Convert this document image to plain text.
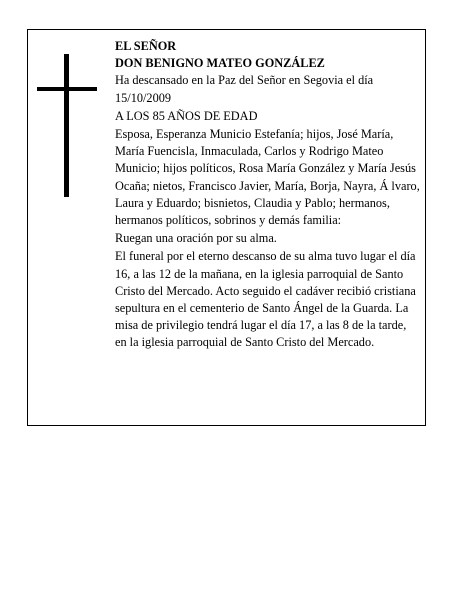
EL SEÑOR

DON BENIGNO MATEO GONZÁLEZ

Ha descansado en la Paz del Señor en Segovia el día 15/10/2009

A LOS 85 AÑOS DE EDAD

Esposa, Esperanza Municio Estefanía; hijos, José María, María Fuencisla, Inmaculada, Carlos y Rodrigo Mateo Municio; hijos políticos, Rosa María González y María Jesús Ocaña; nietos, Francisco Javier, María, Borja, Nayra, Á lvaro, Laura y Eduardo; bisnietos, Claudia y Pablo; hermanos, hermanos políticos, sobrinos y demás familia:

Ruegan una oración por su alma.

El funeral por el eterno descanso de su alma tuvo lugar el día 16, a las 12 de la mañana, en la iglesia parroquial de Santo Cristo del Mercado. Acto seguido el cadáver recibió cristiana sepultura en el cementerio de Santo Ángel de la Guarda. La misa de privilegio tendrá lugar el día 17, a las 8 de la tarde, en la iglesia parroquial de Santo Cristo del Mercado.
